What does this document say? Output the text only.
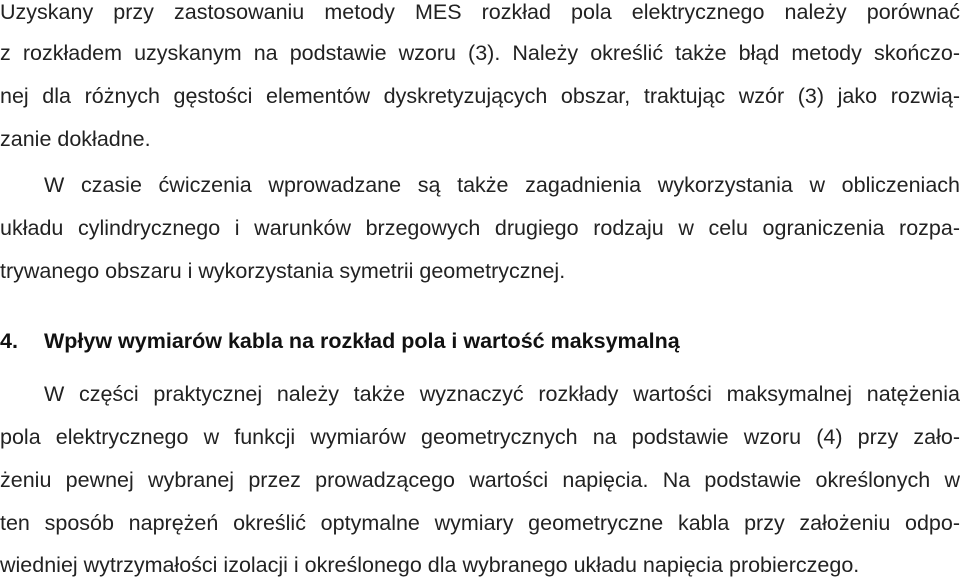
Uzyskany przy zastosowaniu metody MES rozkład pola elektrycznego należy porównać
z rozkładem uzyskanym na podstawie wzoru (3). Należy określić także błąd metody skończo-
nej dla różnych gęstości elementów dyskretyzujących obszar, traktując wzór (3) jako rozwią-
zanie dokładne.
W czasie ćwiczenia wprowadzane są także zagadnienia wykorzystania w obliczeniach
układu cylindrycznego i warunków brzegowych drugiego rodzaju w celu ograniczenia rozpa-
trywanego obszaru i wykorzystania symetrii geometrycznej.
4. Wpływ wymiarów kabla na rozkład pola i wartość maksymalną
W części praktycznej należy także wyznaczyć rozkłady wartości maksymalnej natężenia
pola elektrycznego w funkcji wymiarów geometrycznych na podstawie wzoru (4) przy zało-
żeniu pewnej wybranej przez prowadzącego wartości napięcia. Na podstawie określonych w
ten sposób naprężeń określić optymalne wymiary geometryczne kabla przy założeniu odpo-
wiedniej wytrzymałości izolacji i określonego dla wybranego układu napięcia probierczego.
